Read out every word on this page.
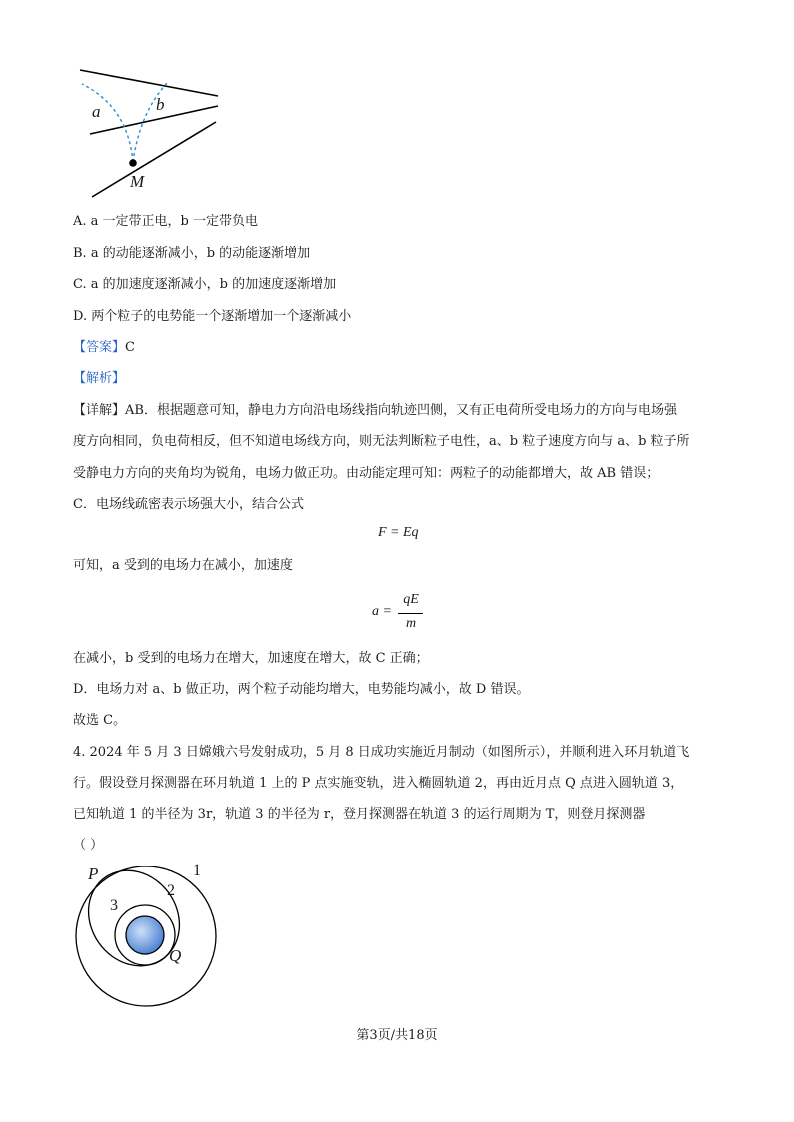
a	b
M
A. a 一定带正电，b 一定带负电
B. a 的动能逐渐减小，b 的动能逐渐增加
C. a 的加速度逐渐减小，b 的加速度逐渐增加
D. 两个粒子的电势能一个逐渐增加一个逐渐减小
【答案】C
【解析】
【详解】AB．根据题意可知，静电力方向沿电场线指向轨迹凹侧，又有正电荷所受电场力的方向与电场强
度方向相同，负电荷相反，但不知道电场线方向，则无法判断粒子电性，a、b 粒子速度方向与 a、b 粒子所
受静电力方向的夹角均为锐角，电场力做正功。由动能定理可知：两粒子的动能都增大，故 AB 错误；
C．电场线疏密表示场强大小，结合公式
F = Eq
可知，a 受到的电场力在减小，加速度
a =
qE
m
在减小，b 受到的电场力在增大，加速度在增大，故 C 正确；
D．电场力对 a、b 做正功，两个粒子动能均增大，电势能均减小，故 D 错误。
故选 C。
4. 2024 年 5 月 3 日嫦娥六号发射成功，5 月 8 日成功实施近月制动（如图所示），并顺利进入环月轨道飞
行。假设登月探测器在环月轨道 1 上的 P 点实施变轨，进入椭圆轨道 2，再由近月点 Q 点进入圆轨道 3，
已知轨道 1 的半径为 3r，轨道 3 的半径为 r，登月探测器在轨道 3 的运行周期为 T，则登月探测器
（ ）
P	1
2
3
Q
第3页/共18页
